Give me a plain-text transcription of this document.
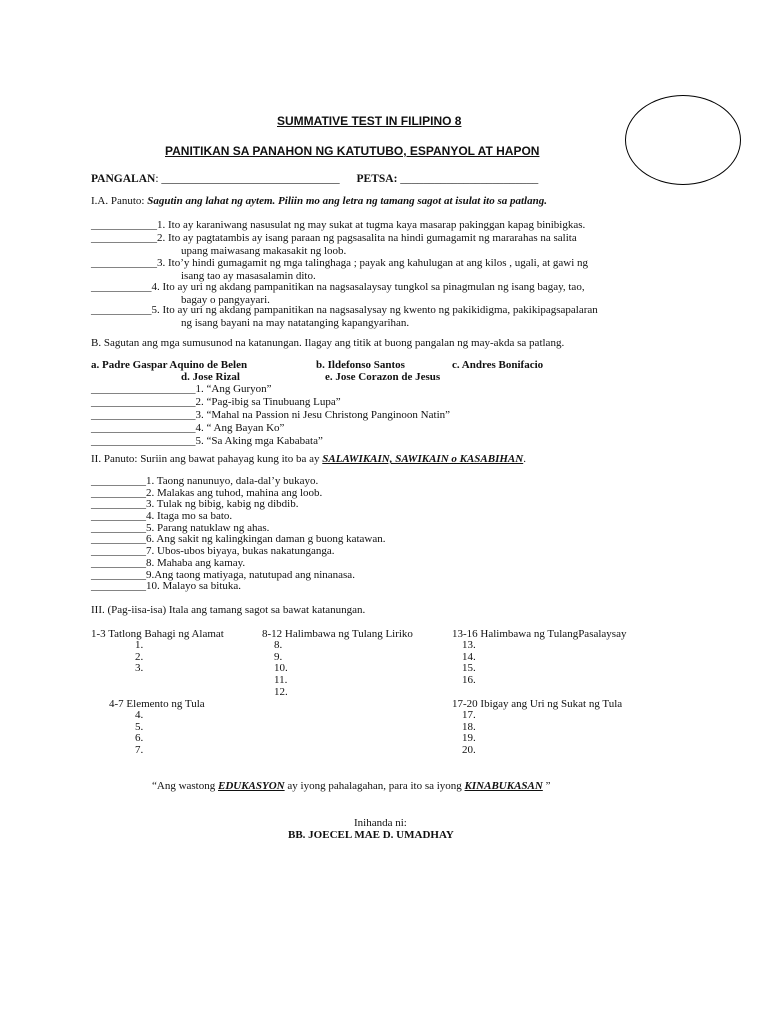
SUMMATIVE TEST IN FILIPINO 8
PANITIKAN SA PANAHON NG KATUTUBO, ESPANYOL AT HAPON
PANGALAN: _______________________________ PETSA: ________________________
I.A. Panuto: Sagutin ang lahat ng aytem. Piliin mo ang letra ng tamang sagot at isulat ito sa patlang.
____________1. Ito ay karaniwang nasusulat ng may sukat at tugma kaya masarap pakinggan kapag binibigkas.
____________2. Ito ay pagtatambis ay isang paraan ng pagsasalita na hindi gumagamit ng mararahas na salita
upang maiwasang makasakit ng loob.
____________3. Ito’y hindi gumagamit ng mga talinghaga ; payak ang kahulugan at ang kilos , ugali, at gawi ng
isang tao ay masasalamin dito.
___________4. Ito ay uri ng akdang pampanitikan na nagsasalaysay tungkol sa pinagmulan ng isang bagay, tao,
bagay o pangyayari.
___________5. Ito ay uri ng akdang pampanitikan na nagsasalysay ng kwento ng pakikidigma, pakikipagsapalaran
ng isang bayani na may natatanging kapangyarihan.
B. Sagutan ang mga sumusunod na katanungan. Ilagay ang titik at buong pangalan ng may-akda sa patlang.
a. Padre Gaspar Aquino de Belen	b. Ildefonso Santos	c. Andres Bonifacio
d. Jose Rizal	e. Jose Corazon de Jesus
___________________1. “Ang Guryon”
___________________2. “Pag-ibig sa Tinubuang Lupa”
___________________3. “Mahal na Passion ni Jesu Christong Panginoon Natin”
___________________4. “ Ang Bayan Ko”
___________________5. “Sa Aking mga Kababata”
II. Panuto: Suriin ang bawat pahayag kung ito ba ay SALAWIKAIN, SAWIKAIN o KASABIHAN.
__________1. Taong nanunuyo, dala-dal’y bukayo.
__________2. Malakas ang tuhod, mahina ang loob.
__________3. Tulak ng bibig, kabig ng dibdib.
__________4. Itaga mo sa bato.
__________5. Parang natuklaw ng ahas.
__________6. Ang sakit ng kalingkingan daman g buong katawan.
__________7. Ubos-ubos biyaya, bukas nakatunganga.
__________8. Mahaba ang kamay.
__________9.Ang taong matiyaga, natutupad ang ninanasa.
__________10. Malayo sa bituka.
III. (Pag-iisa-isa) Itala ang tamang sagot sa bawat katanungan.
1-3 Tatlong Bahagi ng Alamat
1.
2.
3.
8-12 Halimbawa ng Tulang Liriko
8.
9.
10.
11.
12.
13-16 Halimbawa ng TulangPasalaysay
13.
14.
15.
16.
4-7 Elemento ng Tula
4.
5.
6.
7.
17-20 Ibigay ang Uri ng Sukat ng Tula
17.
18.
19.
20.
“Ang wastong EDUKASYON ay iyong pahalagahan, para ito sa iyong KINABUKASAN ”
Inihanda ni:
BB. JOECEL MAE D. UMADHAY
